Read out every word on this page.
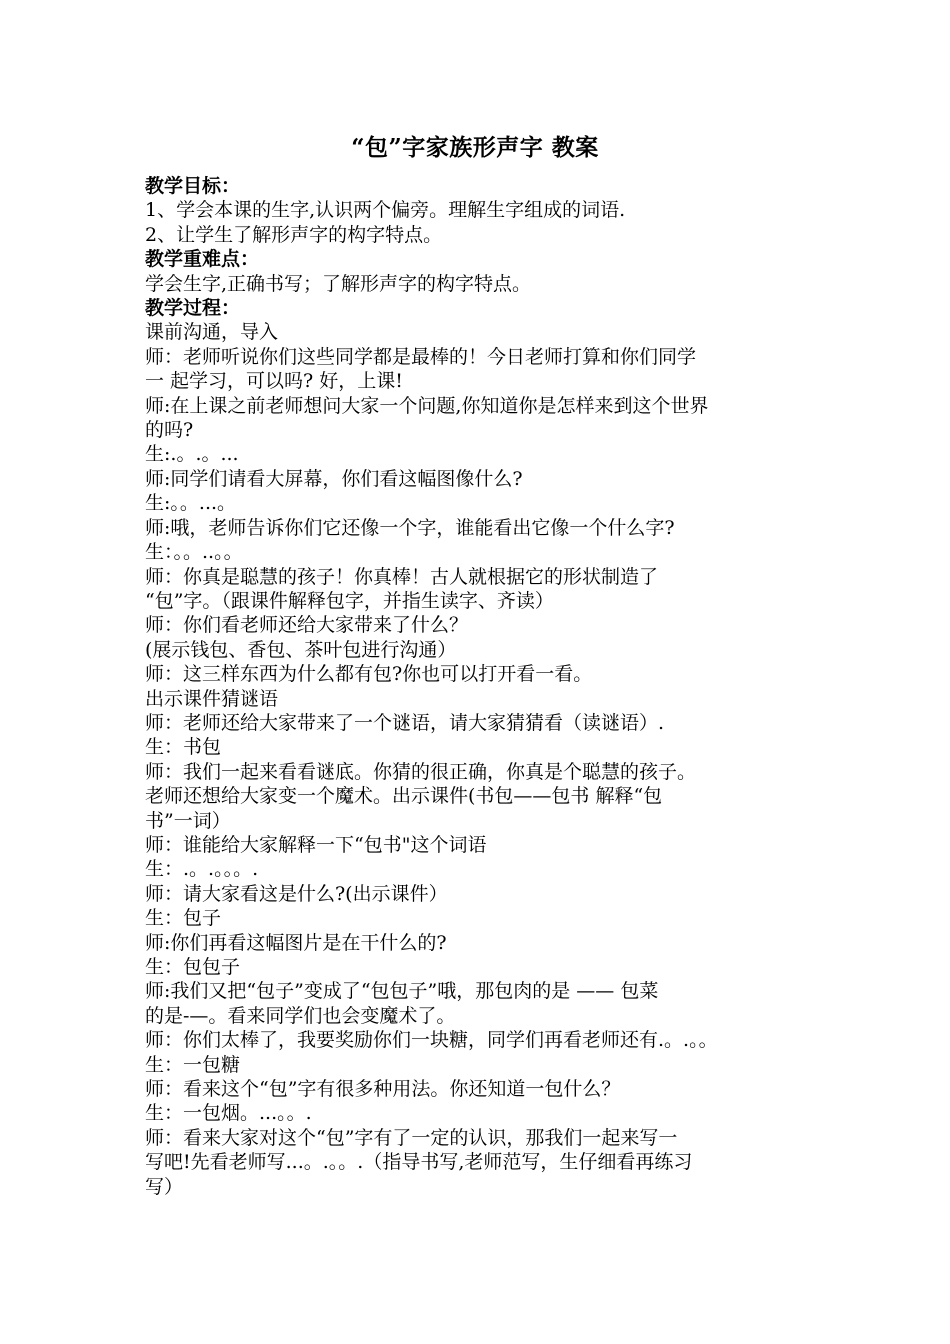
“包”字家族形声字 教案

教学目标：

1、学会本课的生字,认识两个偏旁。理解生字组成的词语.

2、让学生了解形声字的构字特点。

教学重难点：

学会生字,正确书写；了解形声字的构字特点。

教学过程：

课前沟通，导入

师：老师听说你们这些同学都是最棒的！今日老师打算和你们同学

一 起学习，可以吗? 好，上课!

师:在上课之前老师想问大家一个问题,你知道你是怎样来到这个世界

的吗?

生:.。.。...

师:同学们请看大屏幕，你们看这幅图像什么?

生:。。...。

师:哦，老师告诉你们它还像一个字，谁能看出它像一个什么字?

生：。。..。。

师：你真是聪慧的孩子！你真棒！古人就根据它的形状制造了

“包”字。（跟课件解释包字，并指生读字、齐读）

师：你们看老师还给大家带来了什么？

(展示钱包、香包、茶叶包进行沟通）

师：这三样东西为什么都有包?你也可以打开看一看。

出示课件猜谜语

师：老师还给大家带来了一个谜语，请大家猜猜看（读谜语）.

生：书包

师：我们一起来看看谜底。你猜的很正确，你真是个聪慧的孩子。

老师还想给大家变一个魔术。出示课件(书包——包书 解释“包

书”一词）

师：谁能给大家解释一下“包书"这个词语

生：.。.。。。.

师：请大家看这是什么?(出示课件）

生：包子

师:你们再看这幅图片是在干什么的?

生：包包子

师:我们又把“包子”变成了“包包子”哦，那包肉的是 —— 包菜

的是-—。看来同学们也会变魔术了。

师：你们太棒了，我要奖励你们一块糖，同学们再看老师还有.。.。。

生：一包糖

师：看来这个“包”字有很多种用法。你还知道一包什么？

生：一包烟。...。。.

师：看来大家对这个“包”字有了一定的认识，那我们一起来写一

写吧!先看老师写...。.。。.（指导书写,老师范写，生仔细看再练习

写）
